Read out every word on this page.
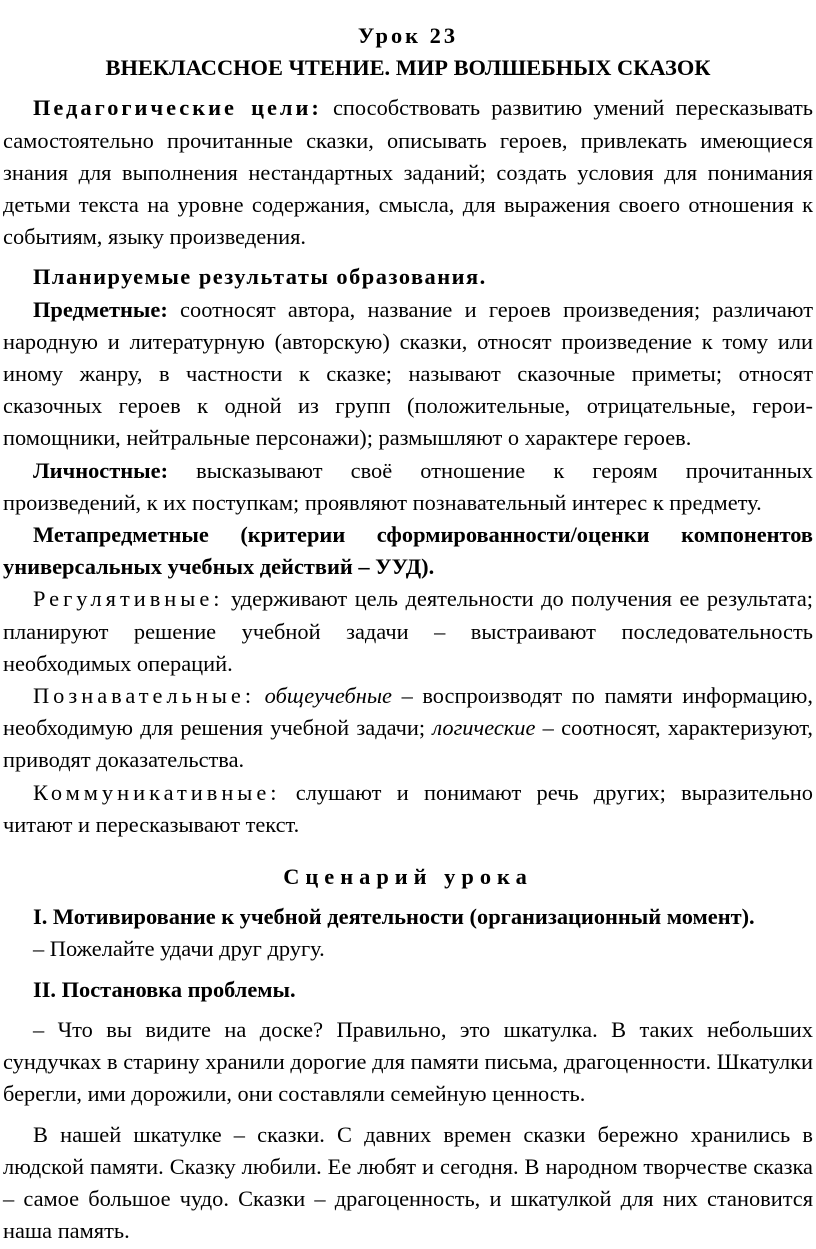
Урок 23

ВНЕКЛАССНОЕ ЧТЕНИЕ. МИР ВОЛШЕБНЫХ СКАЗОК

Педагогические цели: способствовать развитию умений пересказывать самостоятельно прочитанные сказки, описывать героев, привлекать имеющиеся знания для выполнения нестандартных заданий; создать условия для понимания детьми текста на уровне содержания, смысла, для выражения своего отношения к событиям, языку произведения.

Планируемые результаты образования.

Предметные: соотносят автора, название и героев произведения; различают народную и литературную (авторскую) сказки, относят произведение к тому или иному жанру, в частности к сказке; называют сказочные приметы; относят сказочных героев к одной из групп (положительные, отрицательные, герои-помощники, нейтральные персонажи); размышляют о характере героев.

Личностные: высказывают своё отношение к героям прочитанных произведений, к их поступкам; проявляют познавательный интерес к предмету.

Метапредметные (критерии сформированности/оценки компонентов универсальных учебных действий – УУД).

Регулятивные: удерживают цель деятельности до получения ее результата; планируют решение учебной задачи – выстраивают последовательность необходимых операций.

Познавательные: общеучебные – воспроизводят по памяти информацию, необходимую для решения учебной задачи; логические – соотносят, характеризуют, приводят доказательства.

Коммуникативные: слушают и понимают речь других; выразительно читают и пересказывают текст.

Сценарий урока

I. Мотивирование к учебной деятельности (организационный момент).

– Пожелайте удачи друг другу.

II. Постановка проблемы.

– Что вы видите на доске? Правильно, это шкатулка. В таких небольших сундучках в старину хранили дорогие для памяти письма, драгоценности. Шкатулки берегли, ими дорожили, они составляли семейную ценность.

В нашей шкатулке – сказки. С давних времен сказки бережно хранились в людской памяти. Сказку любили. Ее любят и сегодня. В народном творчестве сказка – самое большое чудо. Сказки – драгоценность, и шкатулкой для них становится наша память.
